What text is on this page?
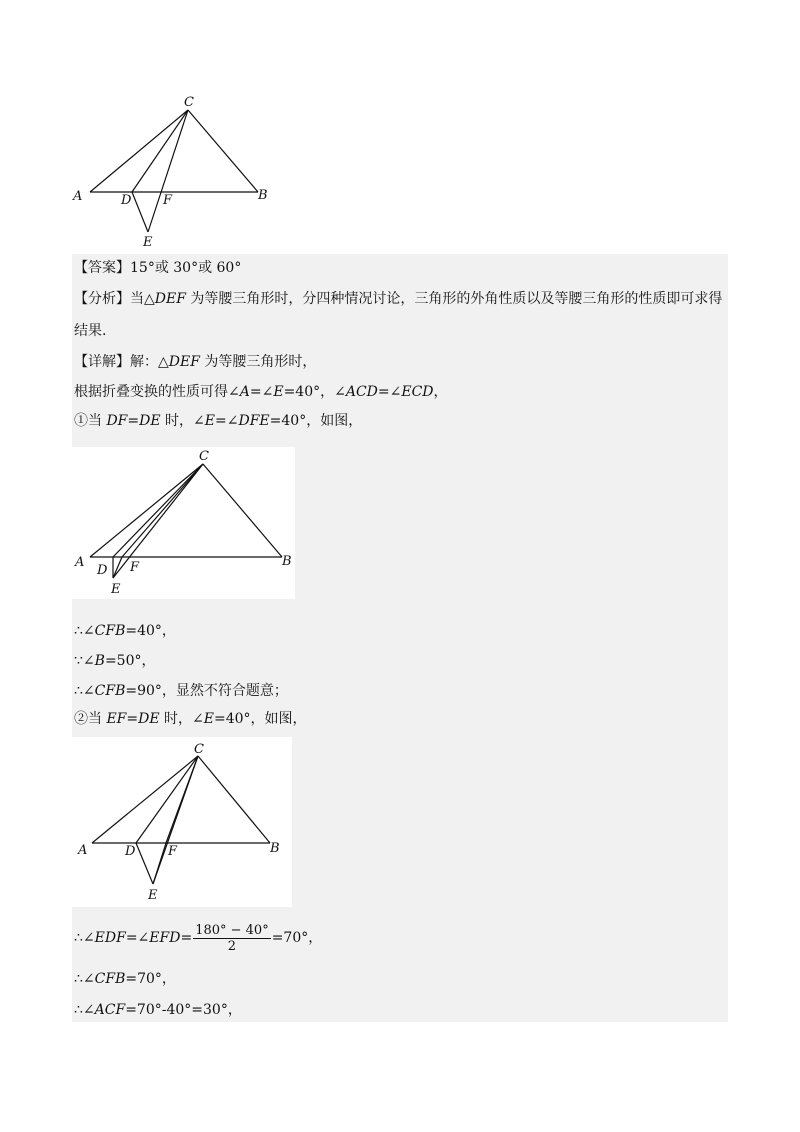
C
A	B
D F
E
【答案】15°或 30°或 60°
【分析】当△DEF 为等腰三角形时，分四种情况讨论，三角形的外角性质以及等腰三角形的性质即可求得
结果.
【详解】解：△DEF 为等腰三角形时，
根据折叠变换的性质可得∠A=∠E=40°，∠ACD=∠ECD，
①当 DF=DE 时，∠E=∠DFE=40°，如图，
C
A	B
D F
E
∴∠CFB=40°，
∵∠B=50°，
∴∠CFB=90°，显然不符合题意；
②当 EF=DE 时，∠E=40°，如图，
C
A	B
D	F
E
∴∠EDF=∠EFD= $\frac{180^\circ - 40^\circ}{2} =70^\circ$，
∴∠CFB=70°，
∴∠ACF=70°-40°=30°，
